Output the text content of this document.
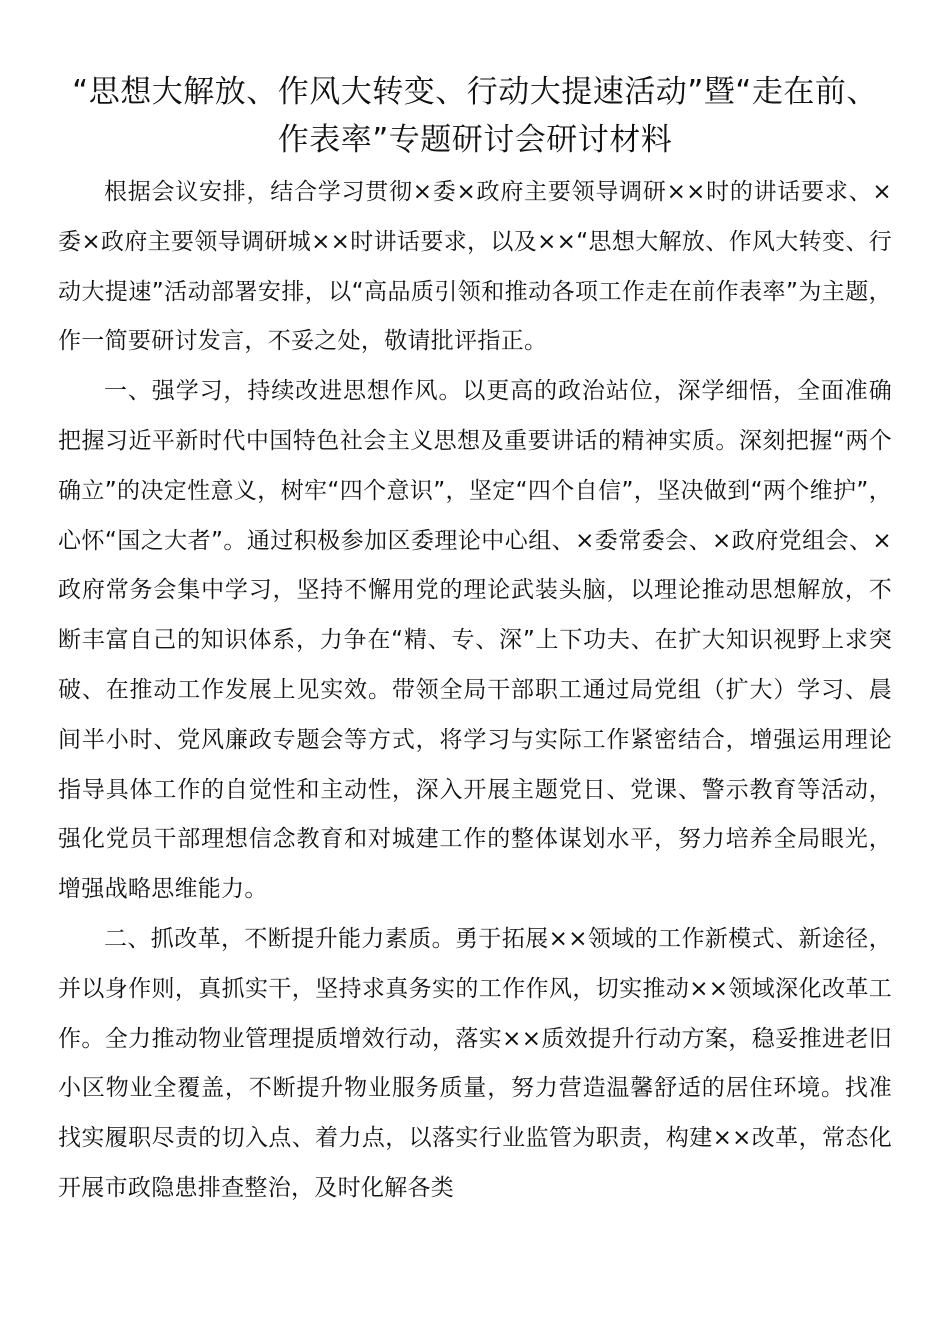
“思想大解放、作风大转变、行动大提速活动”暨“走在前、作表率”专题研讨会研讨材料

根据会议安排，结合学习贯彻×委×政府主要领导调研××时的讲话要求、×委×政府主要领导调研城××时讲话要求，以及××“思想大解放、作风大转变、行动大提速”活动部署安排，以“高品质引领和推动各项工作走在前作表率”为主题，作一简要研讨发言，不妥之处，敬请批评指正。

一、强学习，持续改进思想作风。以更高的政治站位，深学细悟，全面准确把握习近平新时代中国特色社会主义思想及重要讲话的精神实质。深刻把握“两个确立”的决定性意义，树牢“四个意识”，坚定“四个自信”，坚决做到“两个维护”，心怀“国之大者”。通过积极参加区委理论中心组、×委常委会、×政府党组会、×政府常务会集中学习，坚持不懈用党的理论武装头脑，以理论推动思想解放，不断丰富自己的知识体系，力争在“精、专、深”上下功夫、在扩大知识视野上求突破、在推动工作发展上见实效。带领全局干部职工通过局党组（扩大）学习、晨间半小时、党风廉政专题会等方式，将学习与实际工作紧密结合，增强运用理论指导具体工作的自觉性和主动性，深入开展主题党日、党课、警示教育等活动，强化党员干部理想信念教育和对城建工作的整体谋划水平，努力培养全局眼光，增强战略思维能力。

二、抓改革，不断提升能力素质。勇于拓展××领域的工作新模式、新途径，并以身作则，真抓实干，坚持求真务实的工作作风，切实推动××领域深化改革工作。全力推动物业管理提质增效行动，落实××质效提升行动方案，稳妥推进老旧小区物业全覆盖，不断提升物业服务质量，努力营造温馨舒适的居住环境。找准找实履职尽责的切入点、着力点，以落实行业监管为职责，构建××改革，常态化开展市政隐患排查整治，及时化解各类
